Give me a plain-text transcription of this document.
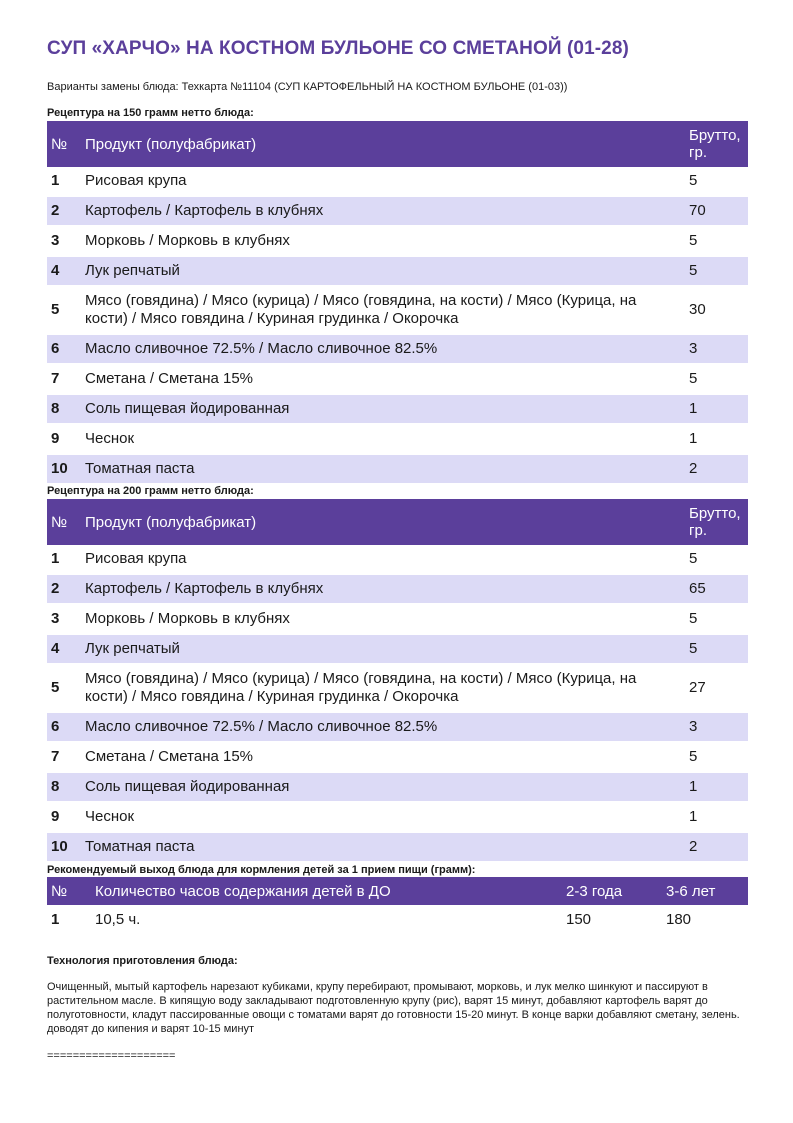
СУП «ХАРЧО» НА КОСТНОМ БУЛЬОНЕ СО СМЕТАНОЙ (01-28)
Варианты замены блюда: Техкарта №11104 (СУП КАРТОФЕЛЬНЫЙ НА КОСТНОМ БУЛЬОНЕ (01-03))
Рецептура на 150 грамм нетто блюда:
№	Продукт (полуфабрикат)	Брутто, гр.
1	Рисовая крупа	5

2	Картофель / Картофель в клубнях	70

3	Морковь / Морковь в клубнях	5

4	Лук репчатый	5

5	Мясо (говядина) / Мясо (курица) / Мясо (говядина, на кости) / Мясо (Курица, на кости) / Мясо говядина / Куриная грудинка / Окорочка	30

6	Масло сливочное 72.5% / Масло сливочное 82.5%	3

7	Сметана / Сметана 15%	5

8	Соль пищевая йодированная	1

9	Чеснок	1

10	Томатная паста	2
Рецептура на 200 грамм нетто блюда:
№	Продукт (полуфабрикат)	Брутто, гр.
1	Рисовая крупа	5

2	Картофель / Картофель в клубнях	65

3	Морковь / Морковь в клубнях	5

4	Лук репчатый	5

5	Мясо (говядина) / Мясо (курица) / Мясо (говядина, на кости) / Мясо (Курица, на кости) / Мясо говядина / Куриная грудинка / Окорочка	27

6	Масло сливочное 72.5% / Масло сливочное 82.5%	3

7	Сметана / Сметана 15%	5

8	Соль пищевая йодированная	1

9	Чеснок	1

10	Томатная паста	2
Рекомендуемый выход блюда для кормления детей за 1 прием пищи (грамм):
№	Количество часов содержания детей в ДО	2-3 года	3-6 лет
1	10,5 ч.	150	180
Технология приготовления блюда:
Очищенный, мытый картофель нарезают кубиками, крупу перебирают, промывают, морковь, и лук мелко шинкуют и пассируют в растительном масле. В кипящую воду закладывают подготовленную крупу (рис), варят 15 минут, добавляют картофель варят до полуготовности, кладут пассированные овощи с томатами варят до готовности 15-20 минут. В конце варки добавляют сметану, зелень. доводят до кипения и варят 10-15 минут
====================
